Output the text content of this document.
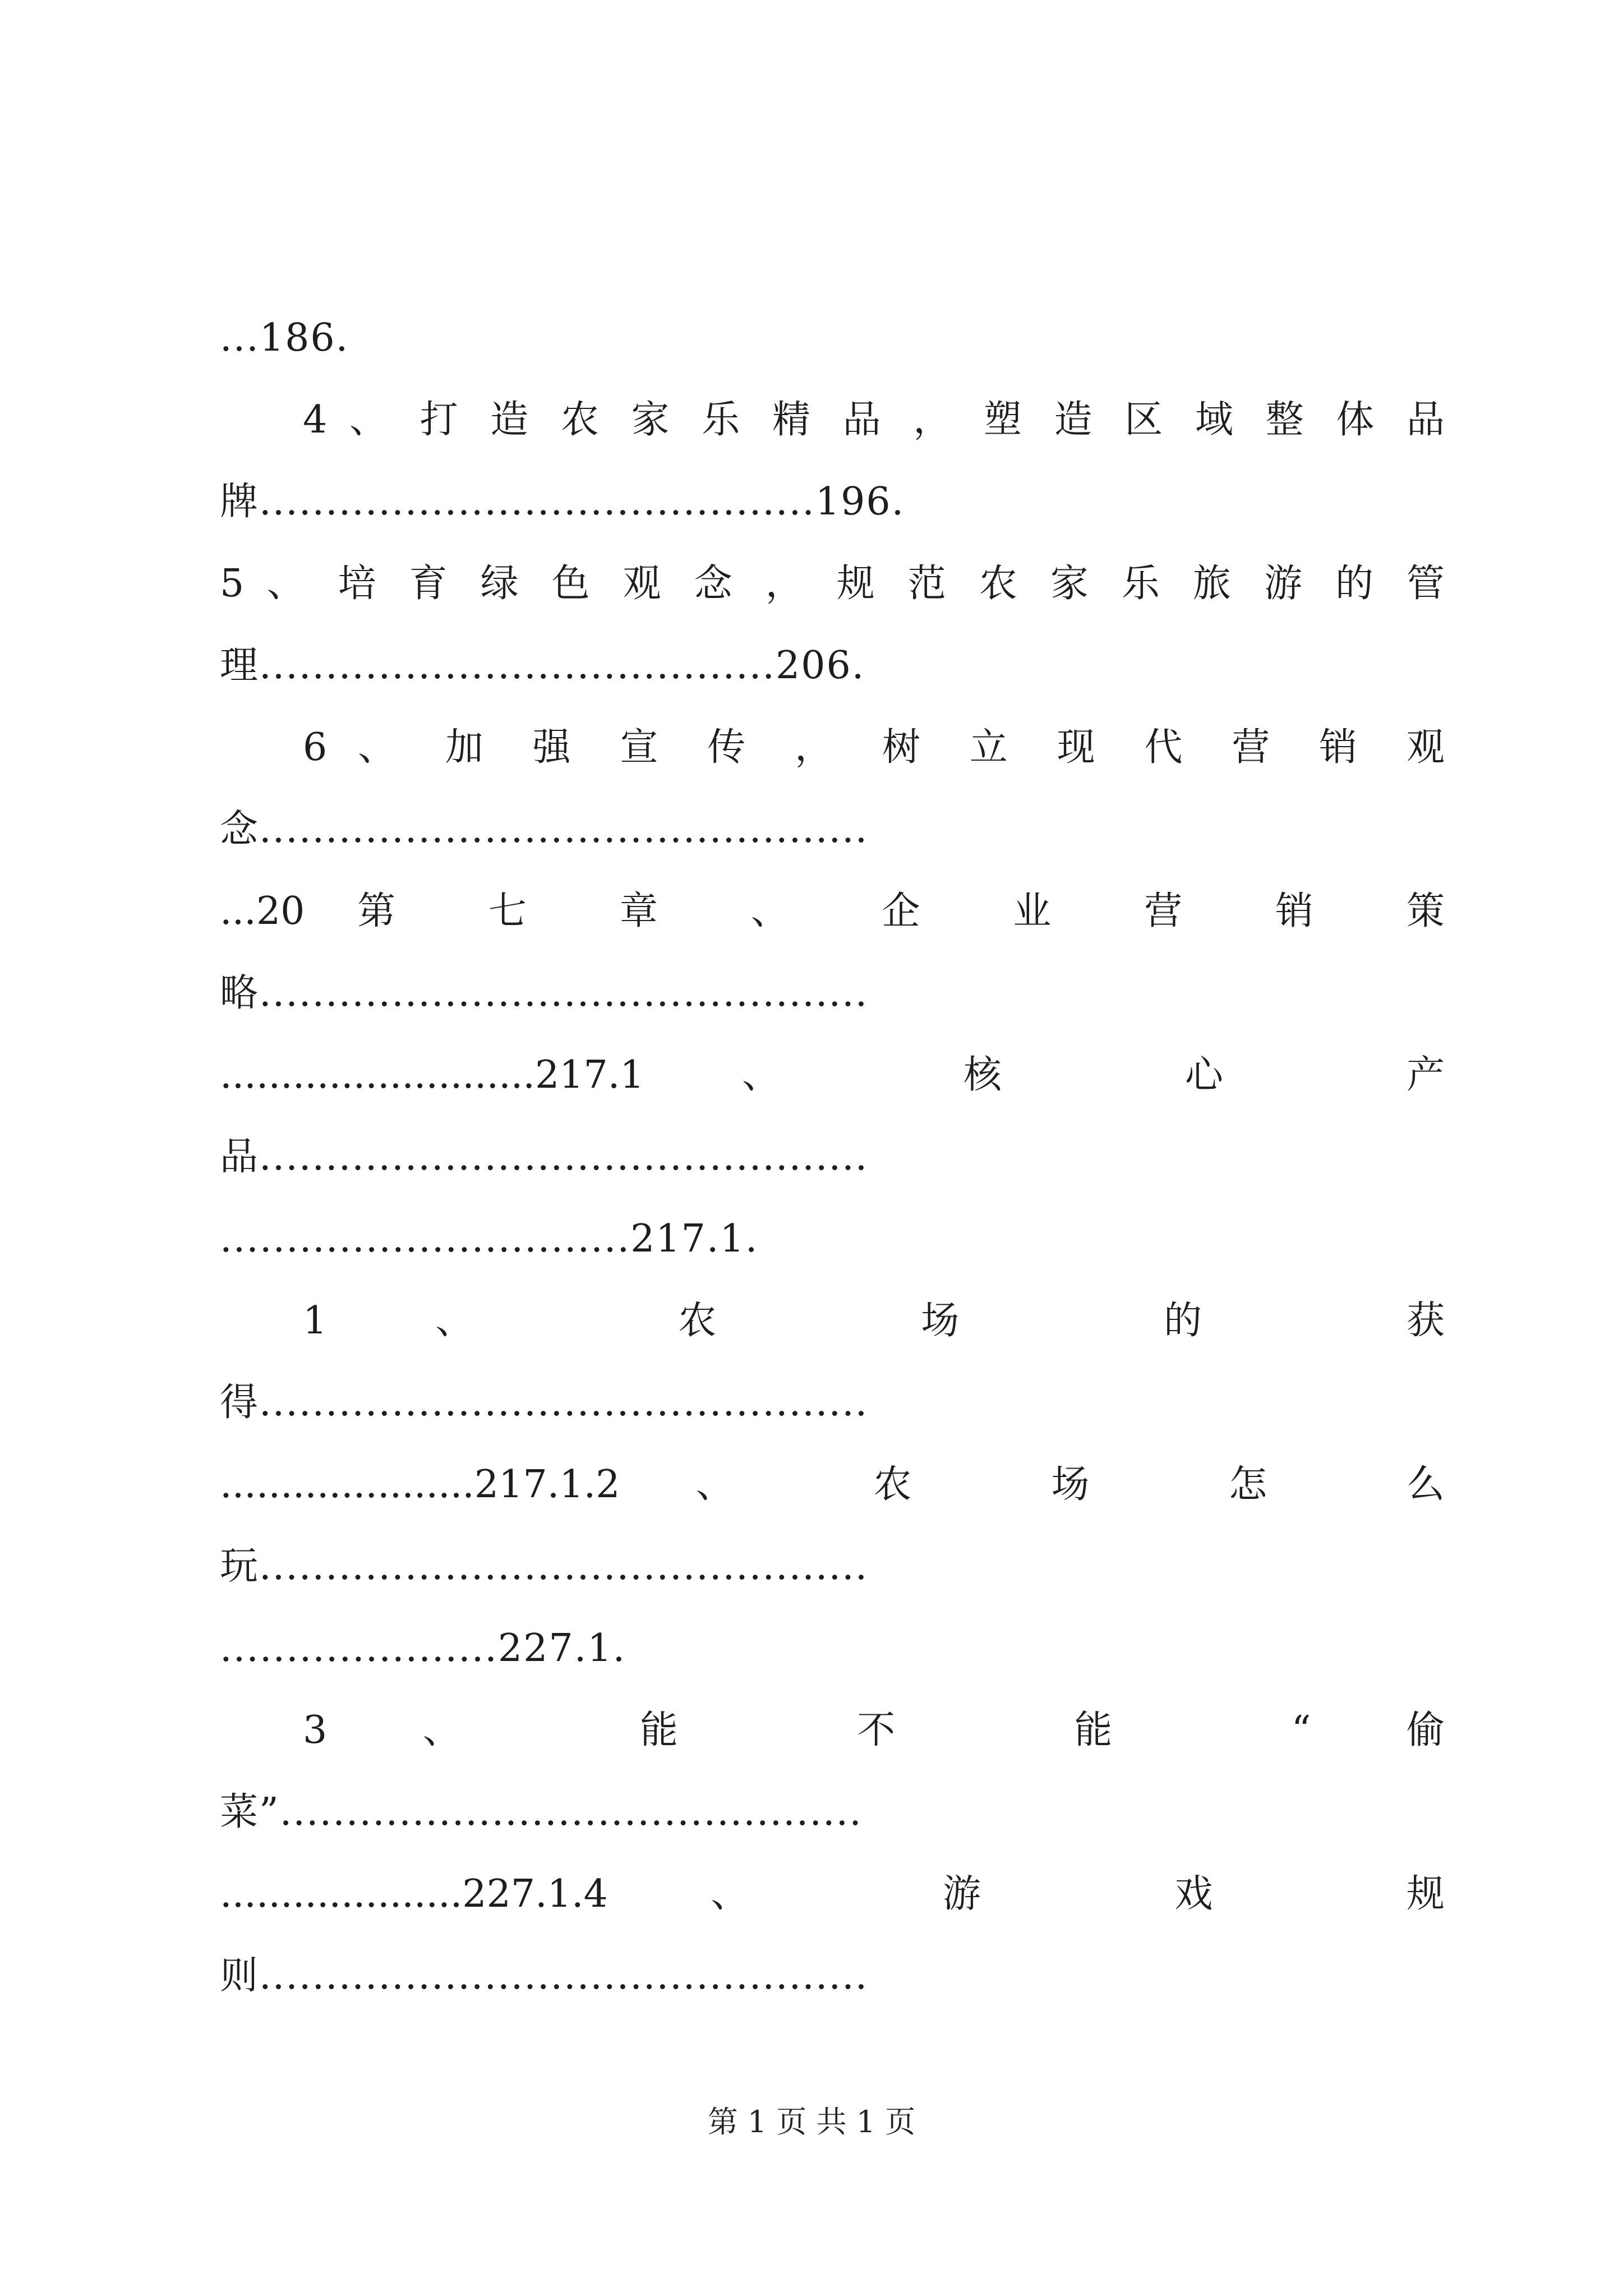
...186.
4 、 打 造 农 家 乐 精 品 ， 塑 造 区 域 整 体 品
牌..........................................196.
5 、 培 育 绿 色 观 念 ， 规 范 农 家 乐 旅 游 的 管
理.......................................206.
6 、 加 强 宣 传 ， 树 立 现 代 营 销 观
念..............................................
...20 第 七 章 、 企 业 营 销 策
略..............................................
..........................217.1 、 核 心 产
品..............................................
...............................217.1.
1 、 农 场 的 获
得..............................................
.....................217.1.2 、 农 场 怎 么
玩..............................................
.....................227.1.
3 、 能 不 能 “ 偷
菜”............................................
....................227.1.4 、 游 戏 规
则..............................................
第 1 页 共 1 页
